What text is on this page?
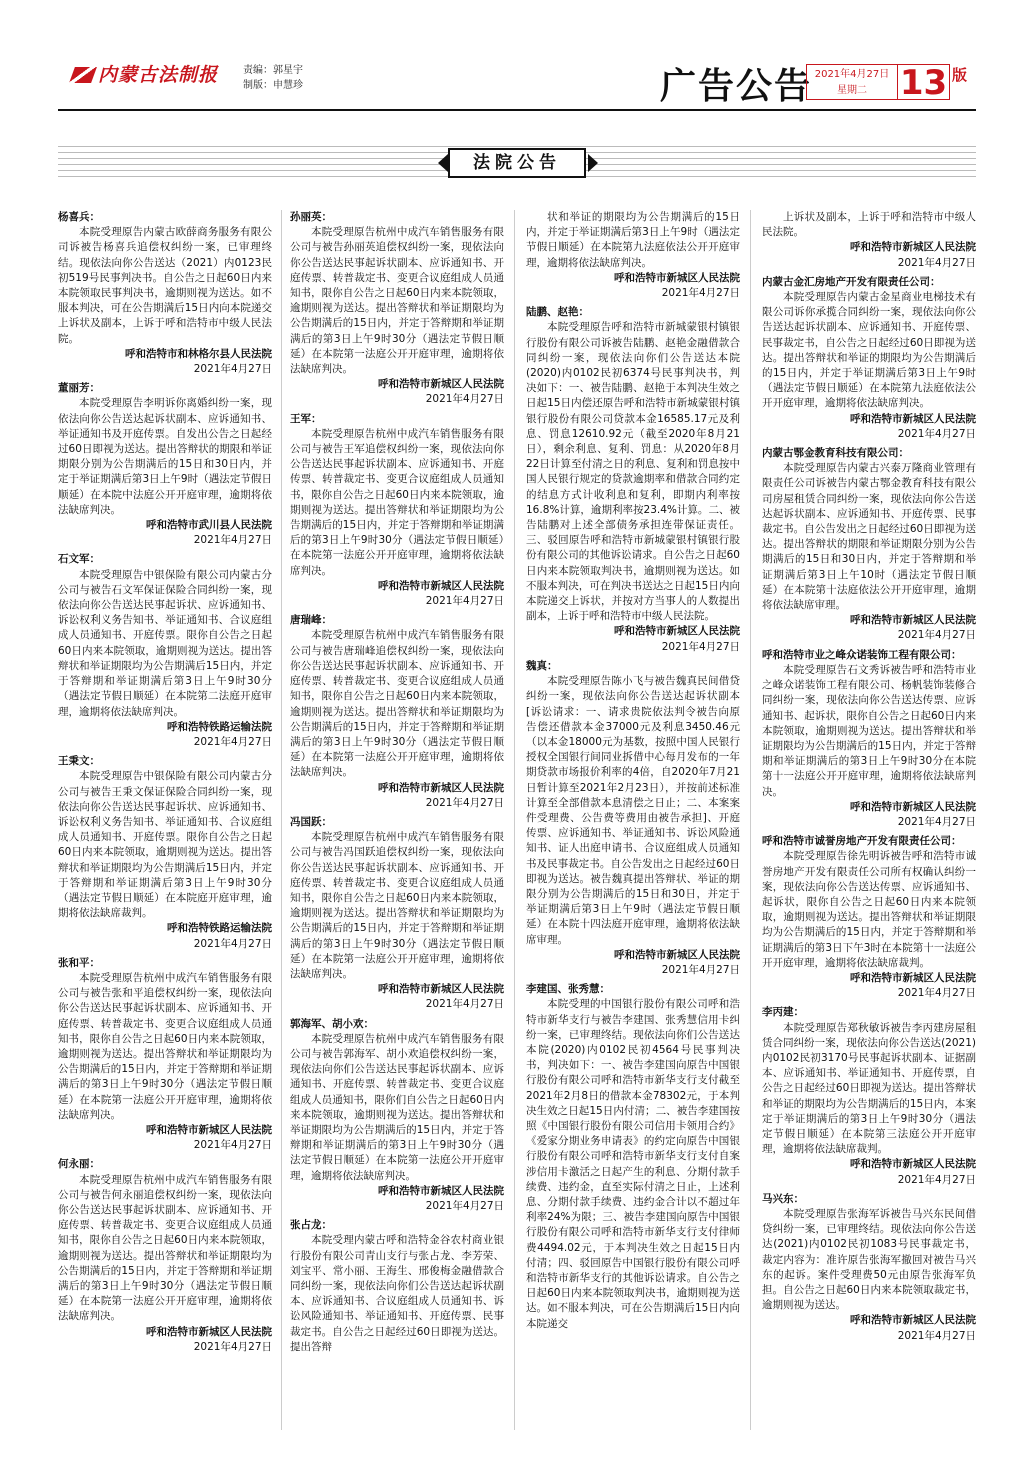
内蒙古法制报 责编：郭星宇
制版：申慧珍	广告公告 2021年4月27日
星期二 13 版
法院公告
杨喜兵：
本院受理原告内蒙古欧薛商务服务有限公司诉被告杨喜兵追偿权纠纷一案，已审理终结。现依法向你公告送达（2021）内0123民初519号民事判决书。自公告之日起60日内来本院领取民事判决书，逾期则视为送达。如不服本判决，可在公告期满后15日内向本院递交上诉状及副本，上诉于呼和浩特市中级人民法院。
呼和浩特市和林格尔县人民法院
2021年4月27日
董丽芳：
本院受理原告李明诉你离婚纠纷一案，现依法向你公告送达起诉状副本、应诉通知书、举证通知书及开庭传票。自发出公告之日起经过60日即视为送达。提出答辩状的期限和举证期限分别为公告期满后的15日和30日内，并定于举证期满后第3日上午9时（遇法定节假日顺延）在本院中法庭公开开庭审理，逾期将依法缺席判决。
呼和浩特市武川县人民法院
2021年4月27日
石文军：
本院受理原告中银保险有限公司内蒙古分公司与被告石文军保证保险合同纠纷一案，现依法向你公告送达民事起诉状、应诉通知书、诉讼权利义务告知书、举证通知书、合议庭组成人员通知书、开庭传票。限你自公告之日起60日内来本院领取，逾期则视为送达。提出答辩状和举证期限均为公告期满后15日内，并定于答辩期和举证期满后第3日上午9时30分（遇法定节假日顺延）在本院第二法庭开庭审理，逾期将依法缺席判决。
呼和浩特铁路运输法院
2021年4月27日
王秉文：
本院受理原告中银保险有限公司内蒙古分公司与被告王秉文保证保险合同纠纷一案，现依法向你公告送达民事起诉状、应诉通知书、诉讼权利义务告知书、举证通知书、合议庭组成人员通知书、开庭传票。限你自公告之日起60日内来本院领取，逾期则视为送达。提出答辩状和举证期限均为公告期满后15日内，并定于答辩期和举证期满后第3日上午9时30分（遇法定节假日顺延）在本院庭开庭审理，逾期将依法缺席裁判。
呼和浩特铁路运输法院
2021年4月27日
张和平：
本院受理原告杭州中成汽车销售服务有限公司与被告张和平追偿权纠纷一案，现依法向你公告送达民事起诉状副本、应诉通知书、开庭传票、转普裁定书、变更合议庭组成人员通知书，限你自公告之日起60日内来本院领取，逾期则视为送达。提出答辩状和举证期限均为公告期满后的15日内，并定于答辩期和举证期满后的第3日上午9时30分（遇法定节假日顺延）在本院第一法庭公开开庭审理，逾期将依法缺席判决。
呼和浩特市新城区人民法院
2021年4月27日
何永丽：
本院受理原告杭州中成汽车销售服务有限公司与被告何永丽追偿权纠纷一案，现依法向你公告送达民事起诉状副本、应诉通知书、开庭传票、转普裁定书、变更合议庭组成人员通知书，限你自公告之日起60日内来本院领取，逾期则视为送达。提出答辩状和举证期限均为公告期满后的15日内，并定于答辩期和举证期满后的第3日上午9时30分（遇法定节假日顺延）在本院第一法庭公开开庭审理，逾期将依法缺席判决。
呼和浩特市新城区人民法院
2021年4月27日
孙丽英：
本院受理原告杭州中成汽车销售服务有限公司与被告孙丽英追偿权纠纷一案，现依法向你公告送达民事起诉状副本、应诉通知书、开庭传票、转普裁定书、变更合议庭组成人员通知书，限你自公告之日起60日内来本院领取，逾期则视为送达。提出答辩状和举证期限均为公告期满后的15日内，并定于答辩期和举证期满后的第3日上午9时30分（遇法定节假日顺延）在本院第一法庭公开开庭审理，逾期将依法缺席判决。
呼和浩特市新城区人民法院
2021年4月27日
王军：
本院受理原告杭州中成汽车销售服务有限公司与被告王军追偿权纠纷一案，现依法向你公告送达民事起诉状副本、应诉通知书、开庭传票、转普裁定书、变更合议庭组成人员通知书，限你自公告之日起60日内来本院领取，逾期则视为送达。提出答辩状和举证期限均为公告期满后的15日内，并定于答辩期和举证期满后的第3日上午9时30分（遇法定节假日顺延）在本院第一法庭公开开庭审理，逾期将依法缺席判决。
呼和浩特市新城区人民法院
2021年4月27日
唐瑞峰：
本院受理原告杭州中成汽车销售服务有限公司与被告唐瑞峰追偿权纠纷一案，现依法向你公告送达民事起诉状副本、应诉通知书、开庭传票、转普裁定书、变更合议庭组成人员通知书，限你自公告之日起60日内来本院领取，逾期则视为送达。提出答辩状和举证期限均为公告期满后的15日内，并定于答辩期和举证期满后的第3日上午9时30分（遇法定节假日顺延）在本院第一法庭公开开庭审理，逾期将依法缺席判决。
呼和浩特市新城区人民法院
2021年4月27日
冯国跃：
本院受理原告杭州中成汽车销售服务有限公司与被告冯国跃追偿权纠纷一案，现依法向你公告送达民事起诉状副本、应诉通知书、开庭传票、转普裁定书、变更合议庭组成人员通知书，限你自公告之日起60日内来本院领取，逾期则视为送达。提出答辩状和举证期限均为公告期满后的15日内，并定于答辩期和举证期满后的第3日上午9时30分（遇法定节假日顺延）在本院第一法庭公开开庭审理，逾期将依法缺席判决。
呼和浩特市新城区人民法院
2021年4月27日
郭海军、胡小欢：
本院受理原告杭州中成汽车销售服务有限公司与被告郭海军、胡小欢追偿权纠纷一案，现依法向你们公告送达民事起诉状副本、应诉通知书、开庭传票、转普裁定书、变更合议庭组成人员通知书，限你们自公告之日起60日内来本院领取，逾期则视为送达。提出答辩状和举证期限均为公告期满后的15日内，并定于答辩期和举证期满后的第3日上午9时30分（遇法定节假日顺延）在本院第一法庭公开开庭审理，逾期将依法缺席判决。
呼和浩特市新城区人民法院
2021年4月27日
张占龙：
本院受理内蒙古呼和浩特金谷农村商业银行股份有限公司青山支行与张占龙、李芳荣、刘宝平、常小丽、王海生、邢俊梅金融借款合同纠纷一案，现依法向你们公告送达起诉状副本、应诉通知书、合议庭组成人员通知书、诉讼风险通知书、举证通知书、开庭传票、民事裁定书。自公告之日起经过60日即视为送达。提出答辩
状和举证的期限均为公告期满后的15日内，并定于举证期满后第3日上午9时（遇法定节假日顺延）在本院第九法庭依法公开开庭审理，逾期将依法缺席判决。
呼和浩特市新城区人民法院
2021年4月27日
陆鹏、赵艳：
本院受理原告呼和浩特市新城蒙银村镇银行股份有限公司诉被告陆鹏、赵艳金融借款合同纠纷一案，现依法向你们公告送达本院(2020)内0102民初6374号民事判决书，判决如下：一、被告陆鹏、赵艳于本判决生效之日起15日内偿还原告呼和浩特市新城蒙银村镇银行股份有限公司贷款本金16585.17元及利息、罚息12610.92元（截至2020年8月21日），剩余利息、复利、罚息：从2020年8月22日计算至付清之日的利息、复利和罚息按中国人民银行规定的贷款逾期率和借款合同约定的结息方式计收利息和复利，即期内利率按16.8%计算，逾期利率按23.4%计算。二、被告陆鹏对上述全部债务承担连带保证责任。三、驳回原告呼和浩特市新城蒙银村镇银行股份有限公司的其他诉讼请求。自公告之日起60日内来本院领取判决书，逾期则视为送达。如不服本判决，可在判决书送达之日起15日内向本院递交上诉状，并按对方当事人的人数提出副本，上诉于呼和浩特市中级人民法院。
呼和浩特市新城区人民法院
2021年4月27日
魏真：
本院受理原告陈小飞与被告魏真民间借贷纠纷一案，现依法向你公告送达起诉状副本[诉讼请求：一、请求贵院依法判令被告向原告偿还借款本金37000元及利息3450.46元（以本金18000元为基数，按照中国人民银行授权全国银行间同业拆借中心每月发布的一年期贷款市场报价利率的4倍，自2020年7月21日暂计算至2021年2月23日），并按前述标准计算至全部借款本息清偿之日止；二、本案案件受理费、公告费等费用由被告承担]、开庭传票、应诉通知书、举证通知书、诉讼风险通知书、证人出庭申请书、合议庭组成人员通知书及民事裁定书。自公告发出之日起经过60日即视为送达。被告魏真提出答辩状、举证的期限分别为公告期满后的15日和30日，并定于举证期满后第3日上午9时（遇法定节假日顺延）在本院十四法庭开庭审理，逾期将依法缺席审理。
呼和浩特市新城区人民法院
2021年4月27日
李建国、张秀慧：
本院受理的中国银行股份有限公司呼和浩特市新华支行与被告李建国、张秀慧信用卡纠纷一案，已审理终结。现依法向你们公告送达本院(2020)内0102民初4564号民事判决书，判决如下：一、被告李建国向原告中国银行股份有限公司呼和浩特市新华支行支付截至2021年2月8日的借款本金78302元，于本判决生效之日起15日内付清；二、被告李建国按照《中国银行股份有限公司信用卡领用合约》《爱家分期业务申请表》的约定向原告中国银行股份有限公司呼和浩特市新华支行支付自案涉信用卡激活之日起产生的利息、分期付款手续费、违约金，直至实际付清之日止，上述利息、分期付款手续费、违约金合计以不超过年利率24%为限；三、被告李建国向原告中国银行股份有限公司呼和浩特市新华支行支付律师费4494.02元，于本判决生效之日起15日内付清；四、驳回原告中国银行股份有限公司呼和浩特市新华支行的其他诉讼请求。自公告之日起60日内来本院领取判决书，逾期则视为送达。如不服本判决，可在公告期满后15日内向本院递交
上诉状及副本，上诉于呼和浩特市中级人民法院。
呼和浩特市新城区人民法院
2021年4月27日
内蒙古金汇房地产开发有限责任公司：
本院受理原告内蒙古金星商业电梯技术有限公司诉你承揽合同纠纷一案，现依法向你公告送达起诉状副本、应诉通知书、开庭传票、民事裁定书，自公告之日起经过60日即视为送达。提出答辩状和举证的期限均为公告期满后的15日内，并定于举证期满后第3日上午9时（遇法定节假日顺延）在本院第九法庭依法公开开庭审理，逾期将依法缺席判决。
呼和浩特市新城区人民法院
2021年4月27日
内蒙古鄂金教育科技有限公司：
本院受理原告内蒙古兴泰万隆商业管理有限责任公司诉被告内蒙古鄂金教育科技有限公司房屋租赁合同纠纷一案，现依法向你公告送达起诉状副本、应诉通知书、开庭传票、民事裁定书。自公告发出之日起经过60日即视为送达。提出答辩状的期限和举证期限分别为公告期满后的15日和30日内，并定于答辩期和举证期满后第3日上午10时（遇法定节假日顺延）在本院第十法庭依法公开开庭审理，逾期将依法缺席审理。
呼和浩特市新城区人民法院
2021年4月27日
呼和浩特市业之峰众诺装饰工程有限公司：
本院受理原告石文秀诉被告呼和浩特市业之峰众诺装饰工程有限公司、杨帆装饰装修合同纠纷一案，现依法向你公告送达传票、应诉通知书、起诉状，限你自公告之日起60日内来本院领取，逾期则视为送达。提出答辩状和举证期限均为公告期满后的15日内，并定于答辩期和举证期满后的第3日上午9时30分在本院第十一法庭公开开庭审理，逾期将依法缺席判决。
呼和浩特市新城区人民法院
2021年4月27日
呼和浩特市诚誉房地产开发有限责任公司：
本院受理原告徐先明诉被告呼和浩特市诚誉房地产开发有限责任公司所有权确认纠纷一案，现依法向你公告送达传票、应诉通知书、起诉状，限你自公告之日起60日内来本院领取，逾期则视为送达。提出答辩状和举证期限均为公告期满后的15日内，并定于答辩期和举证期满后的第3日下午3时在本院第十一法庭公开开庭审理，逾期将依法缺席裁判。
呼和浩特市新城区人民法院
2021年4月27日
李丙建：
本院受理原告郑秋敏诉被告李丙建房屋租赁合同纠纷一案，现依法向你公告送达(2021)内0102民初3170号民事起诉状副本、证据副本、应诉通知书、举证通知书、开庭传票，自公告之日起经过60日即视为送达。提出答辩状和举证的期限均为公告期满后的15日内，本案定于举证期满后的第3日上午9时30分（遇法定节假日顺延）在本院第三法庭公开开庭审理，逾期将依法缺席裁判。
呼和浩特市新城区人民法院
2021年4月27日
马兴东：
本院受理原告张海军诉被告马兴东民间借贷纠纷一案，已审理终结。现依法向你公告送达(2021)内0102民初1083号民事裁定书，裁定内容为：准许原告张海军撤回对被告马兴东的起诉。案件受理费50元由原告张海军负担。自公告之日起60日内来本院领取裁定书，逾期则视为送达。
呼和浩特市新城区人民法院
2021年4月27日
